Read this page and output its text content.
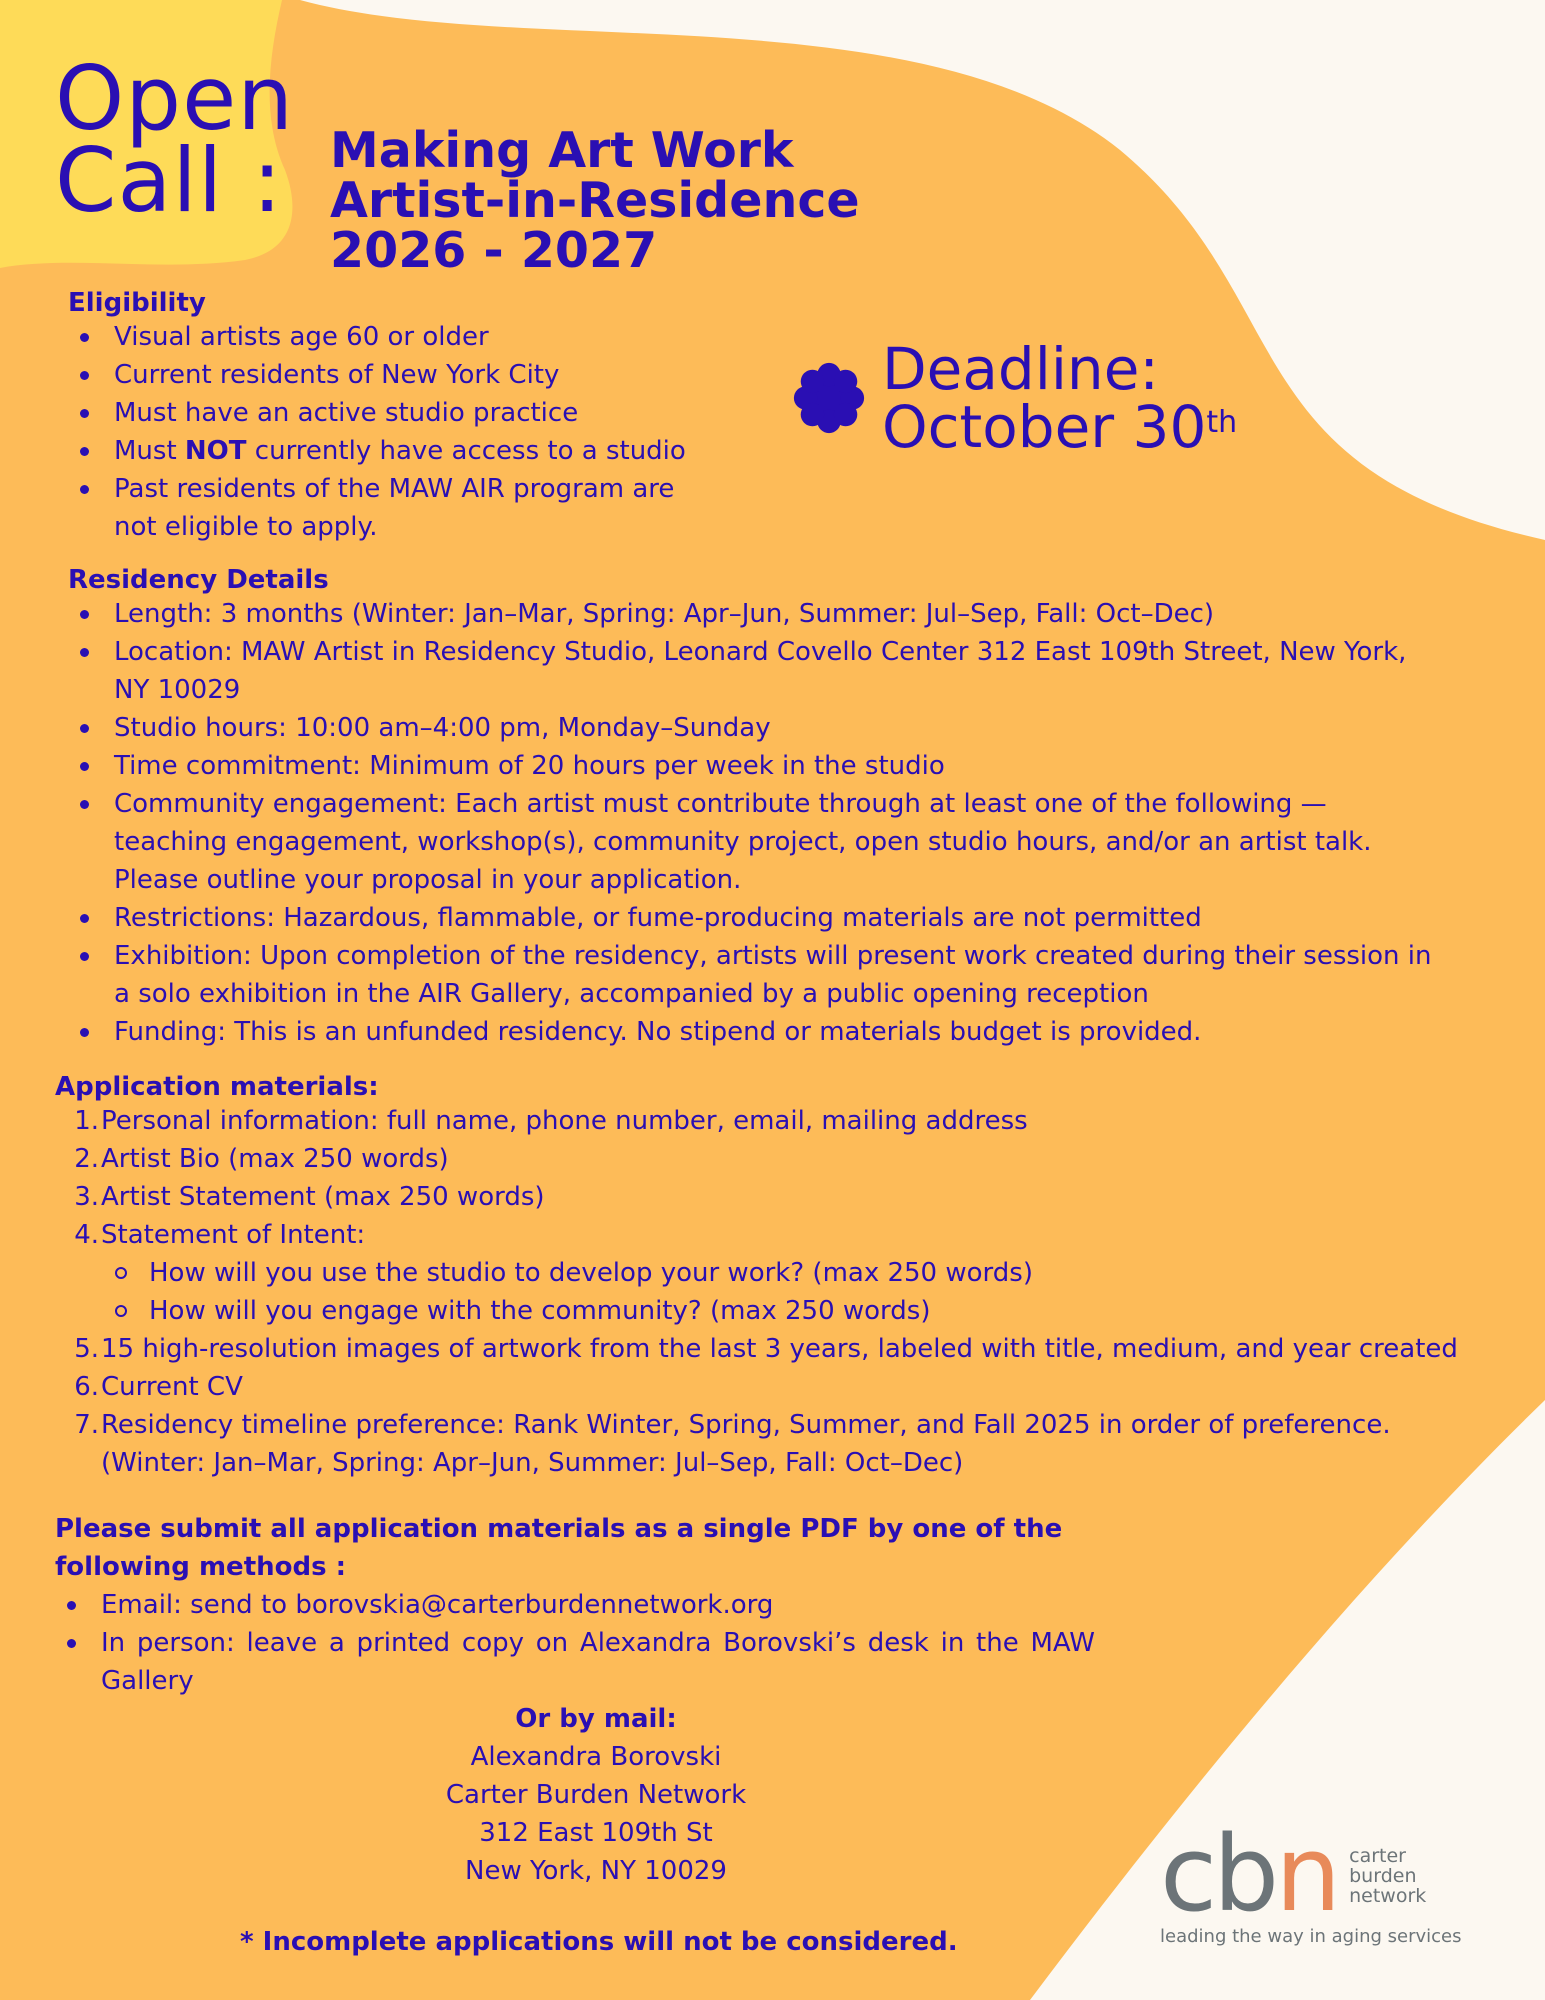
Open
Call : Making Art Work
Artist-in-Residence
2026 - 2027
Deadline:
October 30th
Eligibility
Visual artists age 60 or older
Current residents of New York City
Must have an active studio practice
Must NOT currently have access to a studio
Past residents of the MAW AIR program are not eligible to apply.
Residency Details
Length: 3 months (Winter: Jan–Mar, Spring: Apr–Jun, Summer: Jul–Sep, Fall: Oct–Dec)
Location: MAW Artist in Residency Studio, Leonard Covello Center 312 East 109th Street, New York, NY 10029
Studio hours: 10:00 am–4:00 pm, Monday–Sunday
Time commitment: Minimum of 20 hours per week in the studio
Community engagement: Each artist must contribute through at least one of the following — teaching engagement, workshop(s), community project, open studio hours, and/or an artist talk. Please outline your proposal in your application.
Restrictions: Hazardous, flammable, or fume-producing materials are not permitted
Exhibition: Upon completion of the residency, artists will present work created during their session in a solo exhibition in the AIR Gallery, accompanied by a public opening reception
Funding: This is an unfunded residency. No stipend or materials budget is provided.
Application materials:
1. Personal information: full name, phone number, email, mailing address
2. Artist Bio (max 250 words)
3. Artist Statement (max 250 words)
4. Statement of Intent:
How will you use the studio to develop your work? (max 250 words)
How will you engage with the community? (max 250 words)
5. 15 high-resolution images of artwork from the last 3 years, labeled with title, medium, and year created
6. Current CV
7. Residency timeline preference: Rank Winter, Spring, Summer, and Fall 2025 in order of preference. (Winter: Jan–Mar, Spring: Apr–Jun, Summer: Jul–Sep, Fall: Oct–Dec)
Please submit all application materials as a single PDF by one of the following methods :
Email: send to borovskia@carterburdennetwork.org
In person: leave a printed copy on Alexandra Borovski’s desk in the MAW Gallery
Or by mail:
Alexandra Borovski
Carter Burden Network
312 East 109th St
New York, NY 10029
* Incomplete applications will not be considered.
cb n carter
burden
network
leading the way in aging services
